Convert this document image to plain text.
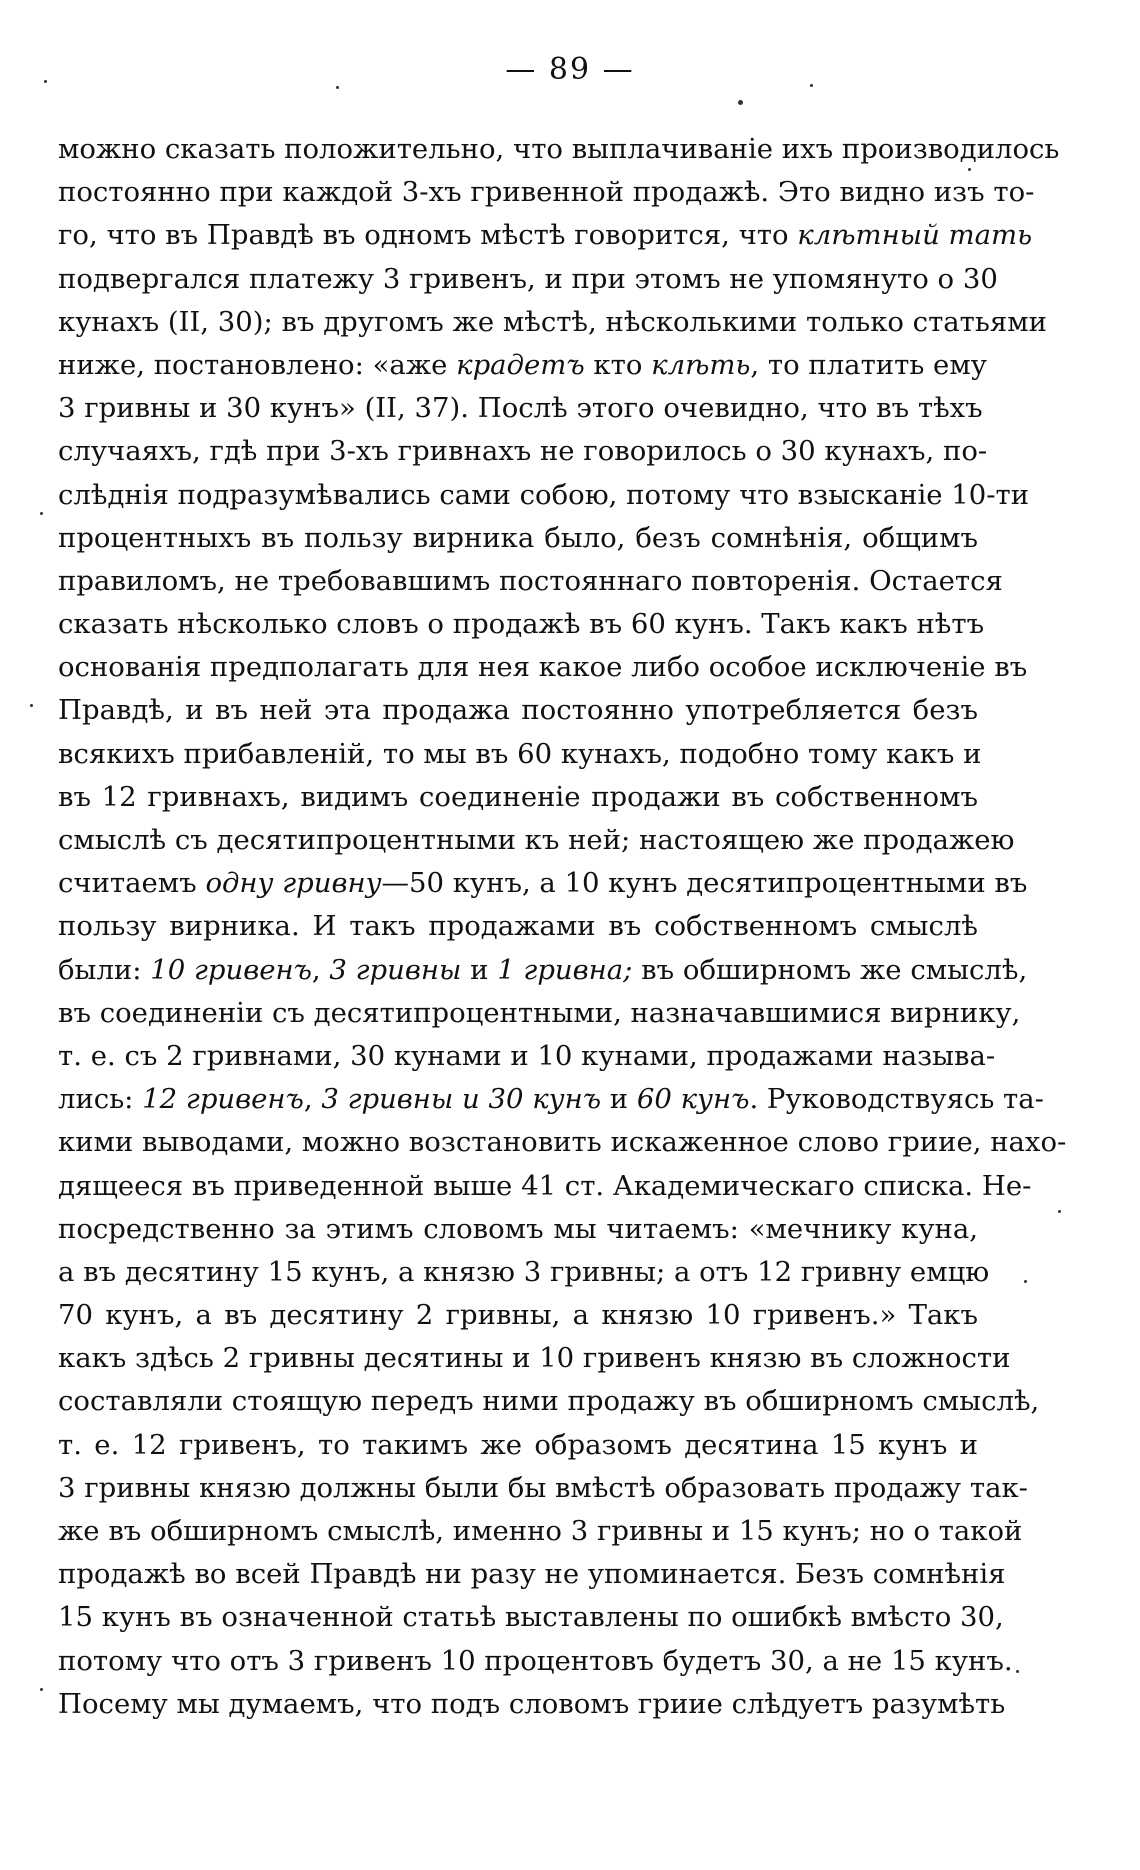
— 89 —
можно сказать положительно, что выплачиваніе ихъ производилось
постоянно при каждой 3-хъ гривенной продажѣ. Это видно изъ то-
го, что въ Правдѣ въ одномъ мѣстѣ говорится, что клѣтный тать
подвергался платежу 3 гривенъ, и при этомъ не упомянуто о 30
кунахъ (II, 30); въ другомъ же мѣстѣ, нѣсколькими только статьями
ниже, постановлено: «аже крадетъ кто клѣть, то платить ему
3 гривны и 30 кунъ» (II, 37). Послѣ этого очевидно, что въ тѣхъ
случаяхъ, гдѣ при 3-хъ гривнахъ не говорилось о 30 кунахъ, по-
слѣднія подразумѣвались сами собою, потому что взысканіе 10-ти
процентныхъ въ пользу вирника было, безъ сомнѣнія, общимъ
правиломъ, не требовавшимъ постояннаго повторенія. Остается
сказать нѣсколько словъ о продажѣ въ 60 кунъ. Такъ какъ нѣтъ
основанія предполагать для нея какое либо особое исключеніе въ
Правдѣ, и въ ней эта продажа постоянно употребляется безъ
всякихъ прибавленій, то мы въ 60 кунахъ, подобно тому какъ и
въ 12 гривнахъ, видимъ соединеніе продажи въ собственномъ
смыслѣ съ десятипроцентными къ ней; настоящею же продажею
считаемъ одну гривну—50 кунъ, а 10 кунъ десятипроцентными въ
пользу вирника. И такъ продажами въ собственномъ смыслѣ
были: 10 гривенъ, 3 гривны и 1 гривна; въ обширномъ же смыслѣ,
въ соединеніи съ десятипроцентными, назначавшимися вирнику,
т. е. съ 2 гривнами, 30 кунами и 10 кунами, продажами называ-
лись: 12 гривенъ, 3 гривны и 30 кунъ и 60 кунъ. Руководствуясь та-
кими выводами, можно возстановить искаженное слово гриие, нахо-
дящееся въ приведенной выше 41 ст. Академическаго списка. Не-
посредственно за этимъ словомъ мы читаемъ: «мечнику куна,
а въ десятину 15 кунъ, а князю 3 гривны; а отъ 12 гривну емцю
70 кунъ, а въ десятину 2 гривны, а князю 10 гривенъ.» Такъ
какъ здѣсь 2 гривны десятины и 10 гривенъ князю въ сложности
составляли стоящую передъ ними продажу въ обширномъ смыслѣ,
т. е. 12 гривенъ, то такимъ же образомъ десятина 15 кунъ и
3 гривны князю должны были бы вмѣстѣ образовать продажу так-
же въ обширномъ смыслѣ, именно 3 гривны и 15 кунъ; но о такой
продажѣ во всей Правдѣ ни разу не упоминается. Безъ сомнѣнія
15 кунъ въ означенной статьѣ выставлены по ошибкѣ вмѣсто 30,
потому что отъ 3 гривенъ 10 процентовъ будетъ 30, а не 15 кунъ.
Посему мы думаемъ, что подъ словомъ гриие слѣдуетъ разумѣть
